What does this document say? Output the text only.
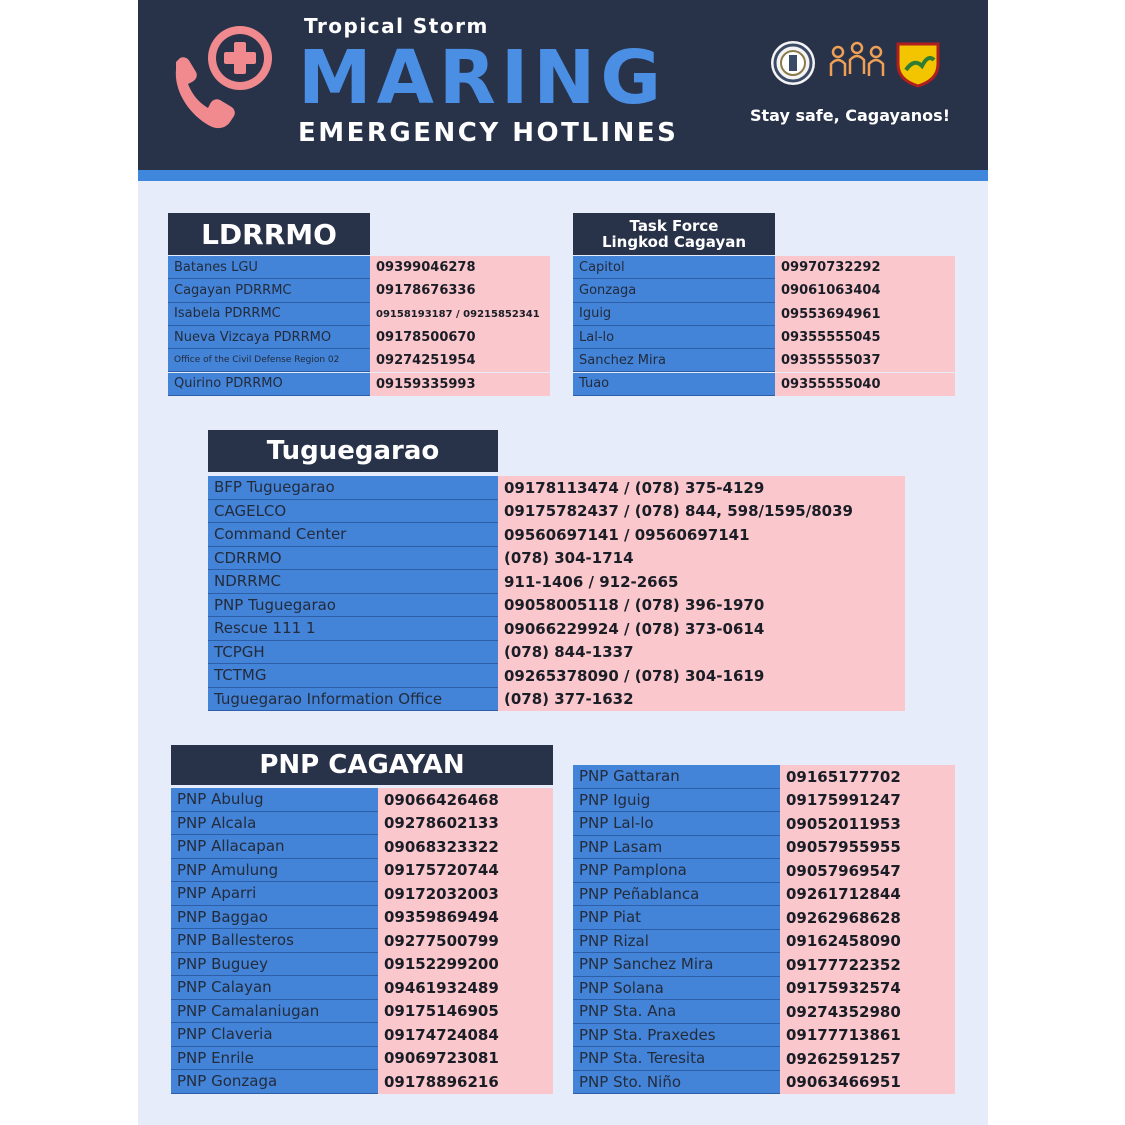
Tropical Storm
MARING
EMERGENCY HOTLINES
Stay safe, Cagayanos!
LDRRMO
Batanes LGU	09399046278
Cagayan PDRRMC	09178676336
Isabela PDRRMC	09158193187 / 09215852341
Nueva Vizcaya PDRRMO	09178500670
Office of the Civil Defense Region 02	09274251954
Quirino PDRRMO	09159335993
Task Force
Lingkod Cagayan
Capitol	09970732292
Gonzaga	09061063404
Iguig	09553694961
Lal-lo	09355555045
Sanchez Mira	09355555037
Tuao	09355555040
Tuguegarao
BFP Tuguegarao	09178113474 / (078) 375-4129
CAGELCO	09175782437 / (078) 844, 598/1595/8039
Command Center	09560697141 / 09560697141
CDRRMO	(078) 304-1714
NDRRMC	911-1406 / 912-2665
PNP Tuguegarao	09058005118 / (078) 396-1970
Rescue 111 1	09066229924 / (078) 373-0614
TCPGH	(078) 844-1337
TCTMG	09265378090 / (078) 304-1619
Tuguegarao Information Office	(078) 377-1632
PNP CAGAYAN
PNP Abulug	09066426468
PNP Alcala	09278602133
PNP Allacapan	09068323322
PNP Amulung	09175720744
PNP Aparri	09172032003
PNP Baggao	09359869494
PNP Ballesteros	09277500799
PNP Buguey	09152299200
PNP Calayan	09461932489
PNP Camalaniugan	09175146905
PNP Claveria	09174724084
PNP Enrile	09069723081
PNP Gonzaga	09178896216
PNP Gattaran	09165177702
PNP Iguig	09175991247
PNP Lal-lo	09052011953
PNP Lasam	09057955955
PNP Pamplona	09057969547
PNP Peñablanca	09261712844
PNP Piat	09262968628
PNP Rizal	09162458090
PNP Sanchez Mira	09177722352
PNP Solana	09175932574
PNP Sta. Ana	09274352980
PNP Sta. Praxedes	09177713861
PNP Sta. Teresita	09262591257
PNP Sto. Niño	09063466951
